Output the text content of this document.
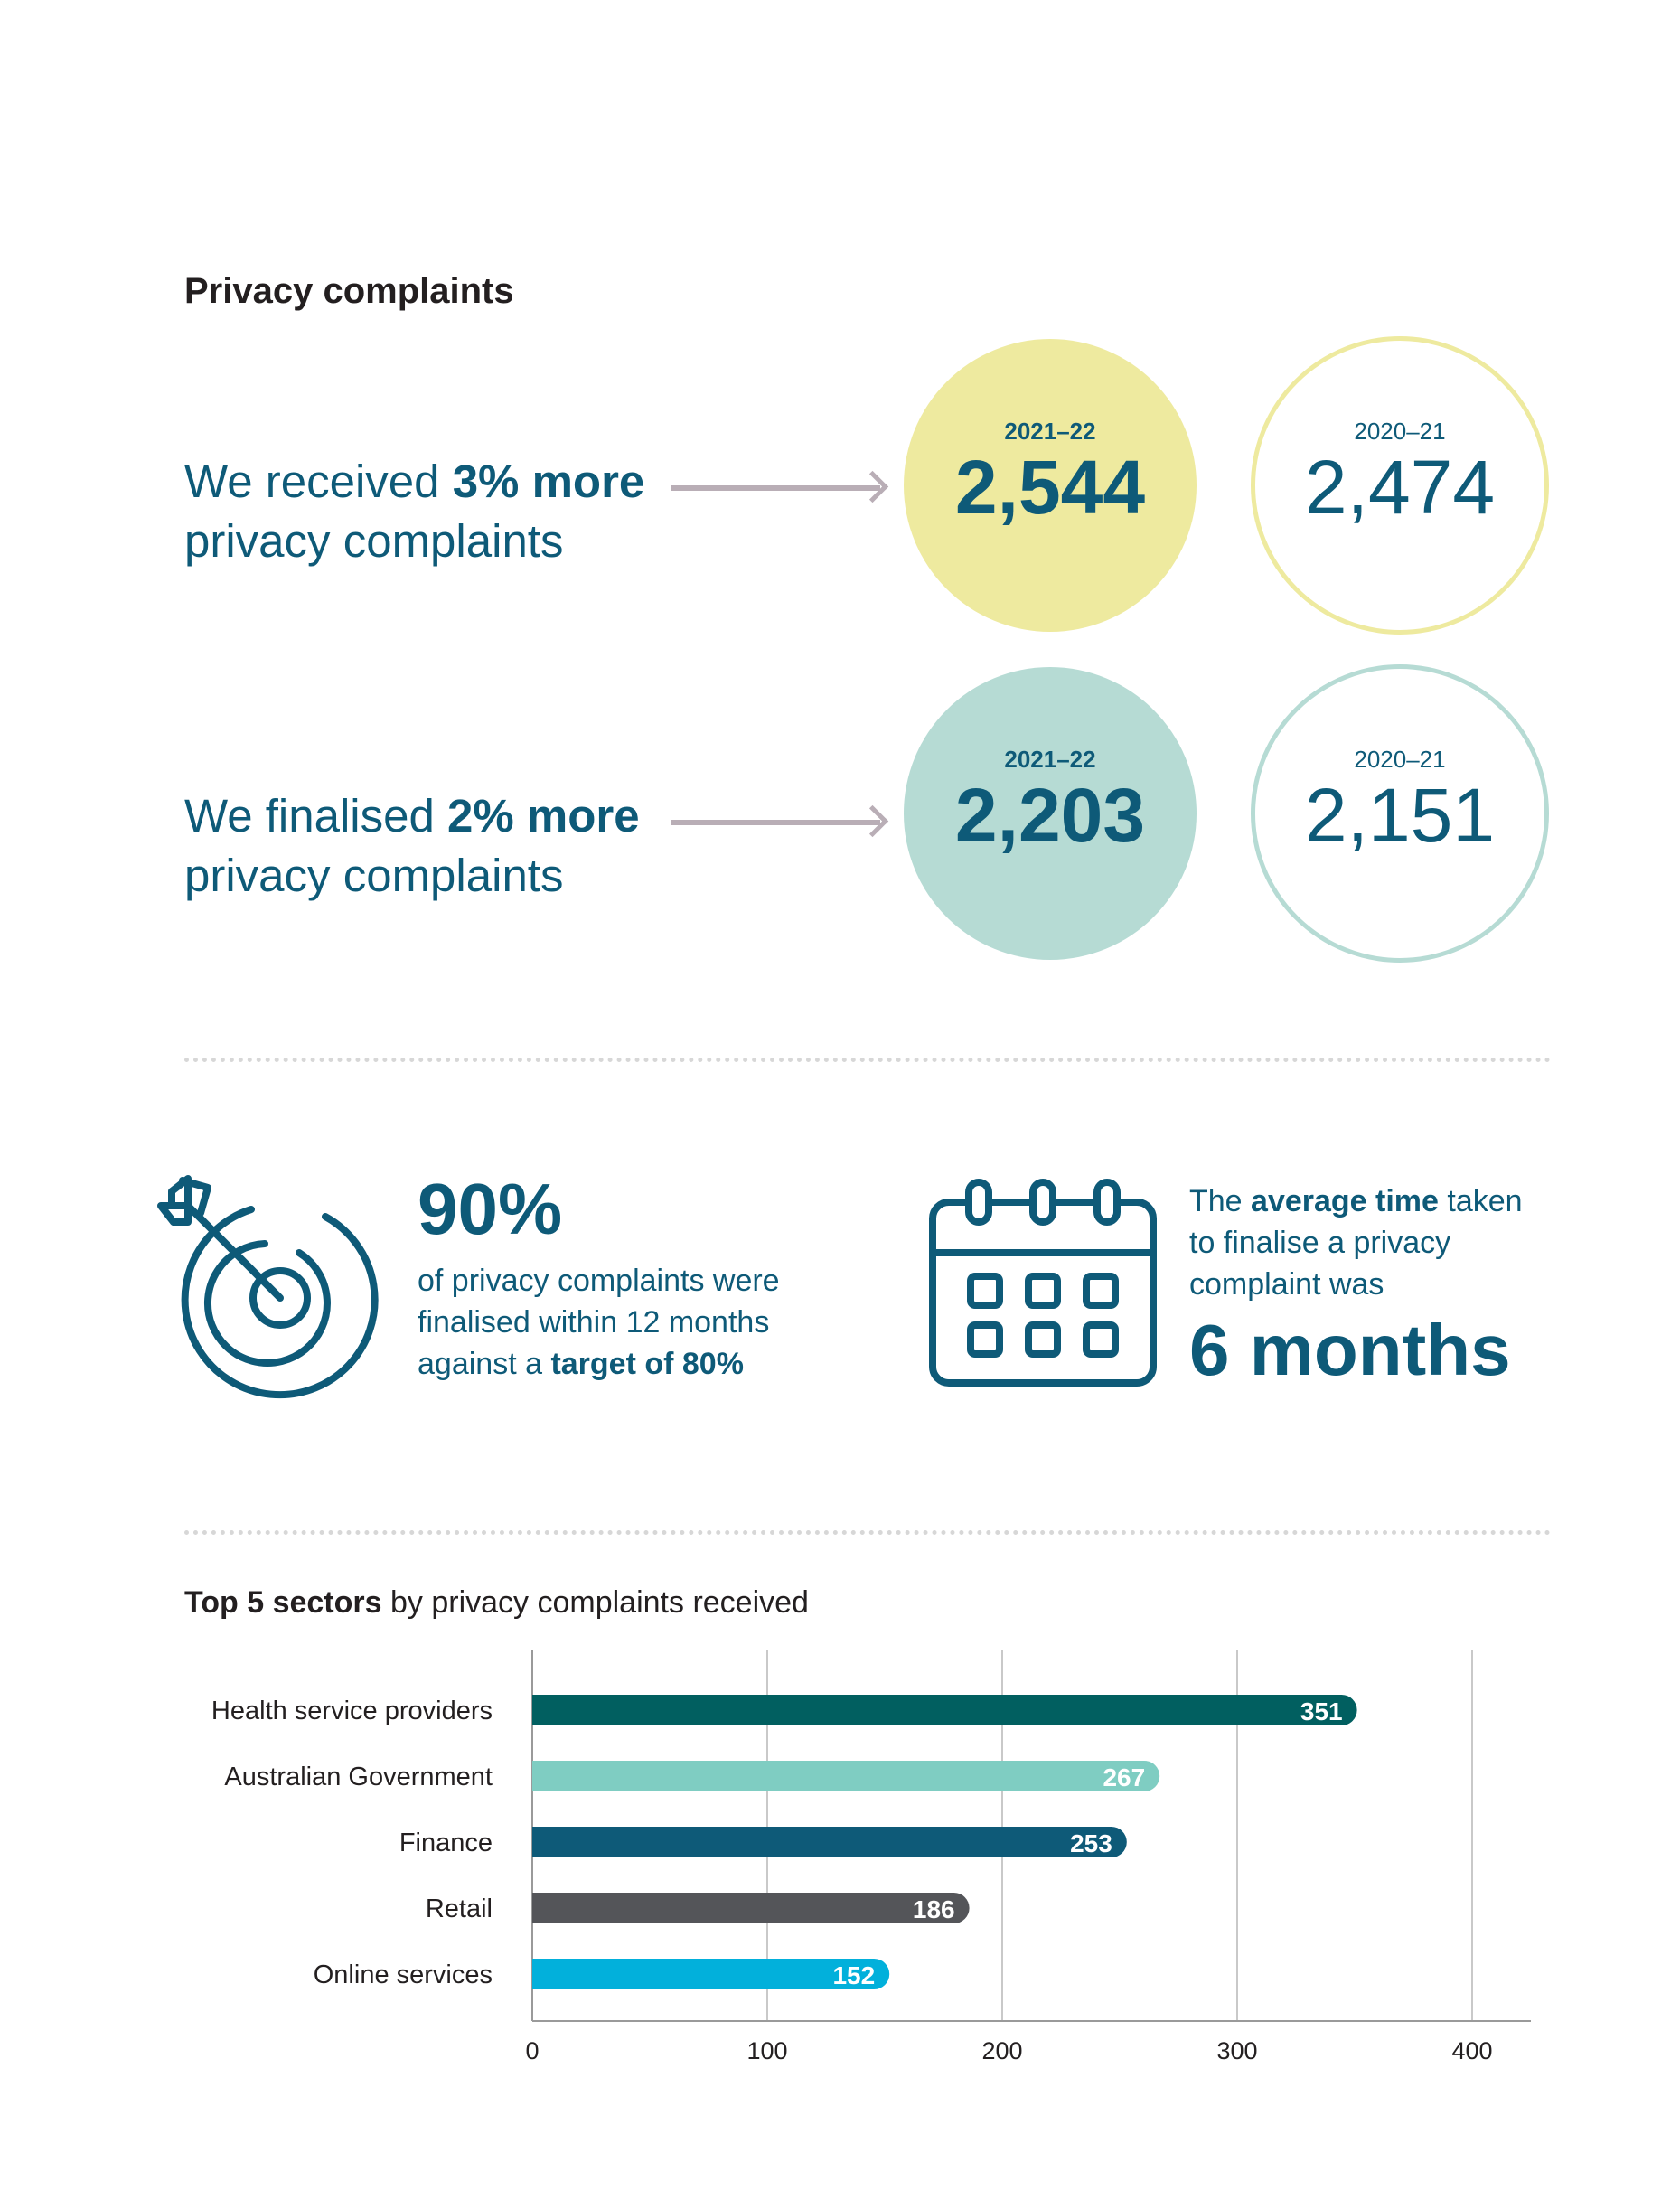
Privacy complaints
We received 3% more
privacy complaints
2021–22
2,544
2020–21
2,474
We finalised 2% more
privacy complaints
2021–22
2,203
2020–21
2,151
90%
of privacy complaints were
finalised within 12 months
against a target of 80%
The average time taken
to finalise a privacy
complaint was
6 months
Top 5 sectors by privacy complaints received
0	100	200	300	400
Health service providers	351
Australian Government	267
Finance	253
Retail	186
Online services	152
